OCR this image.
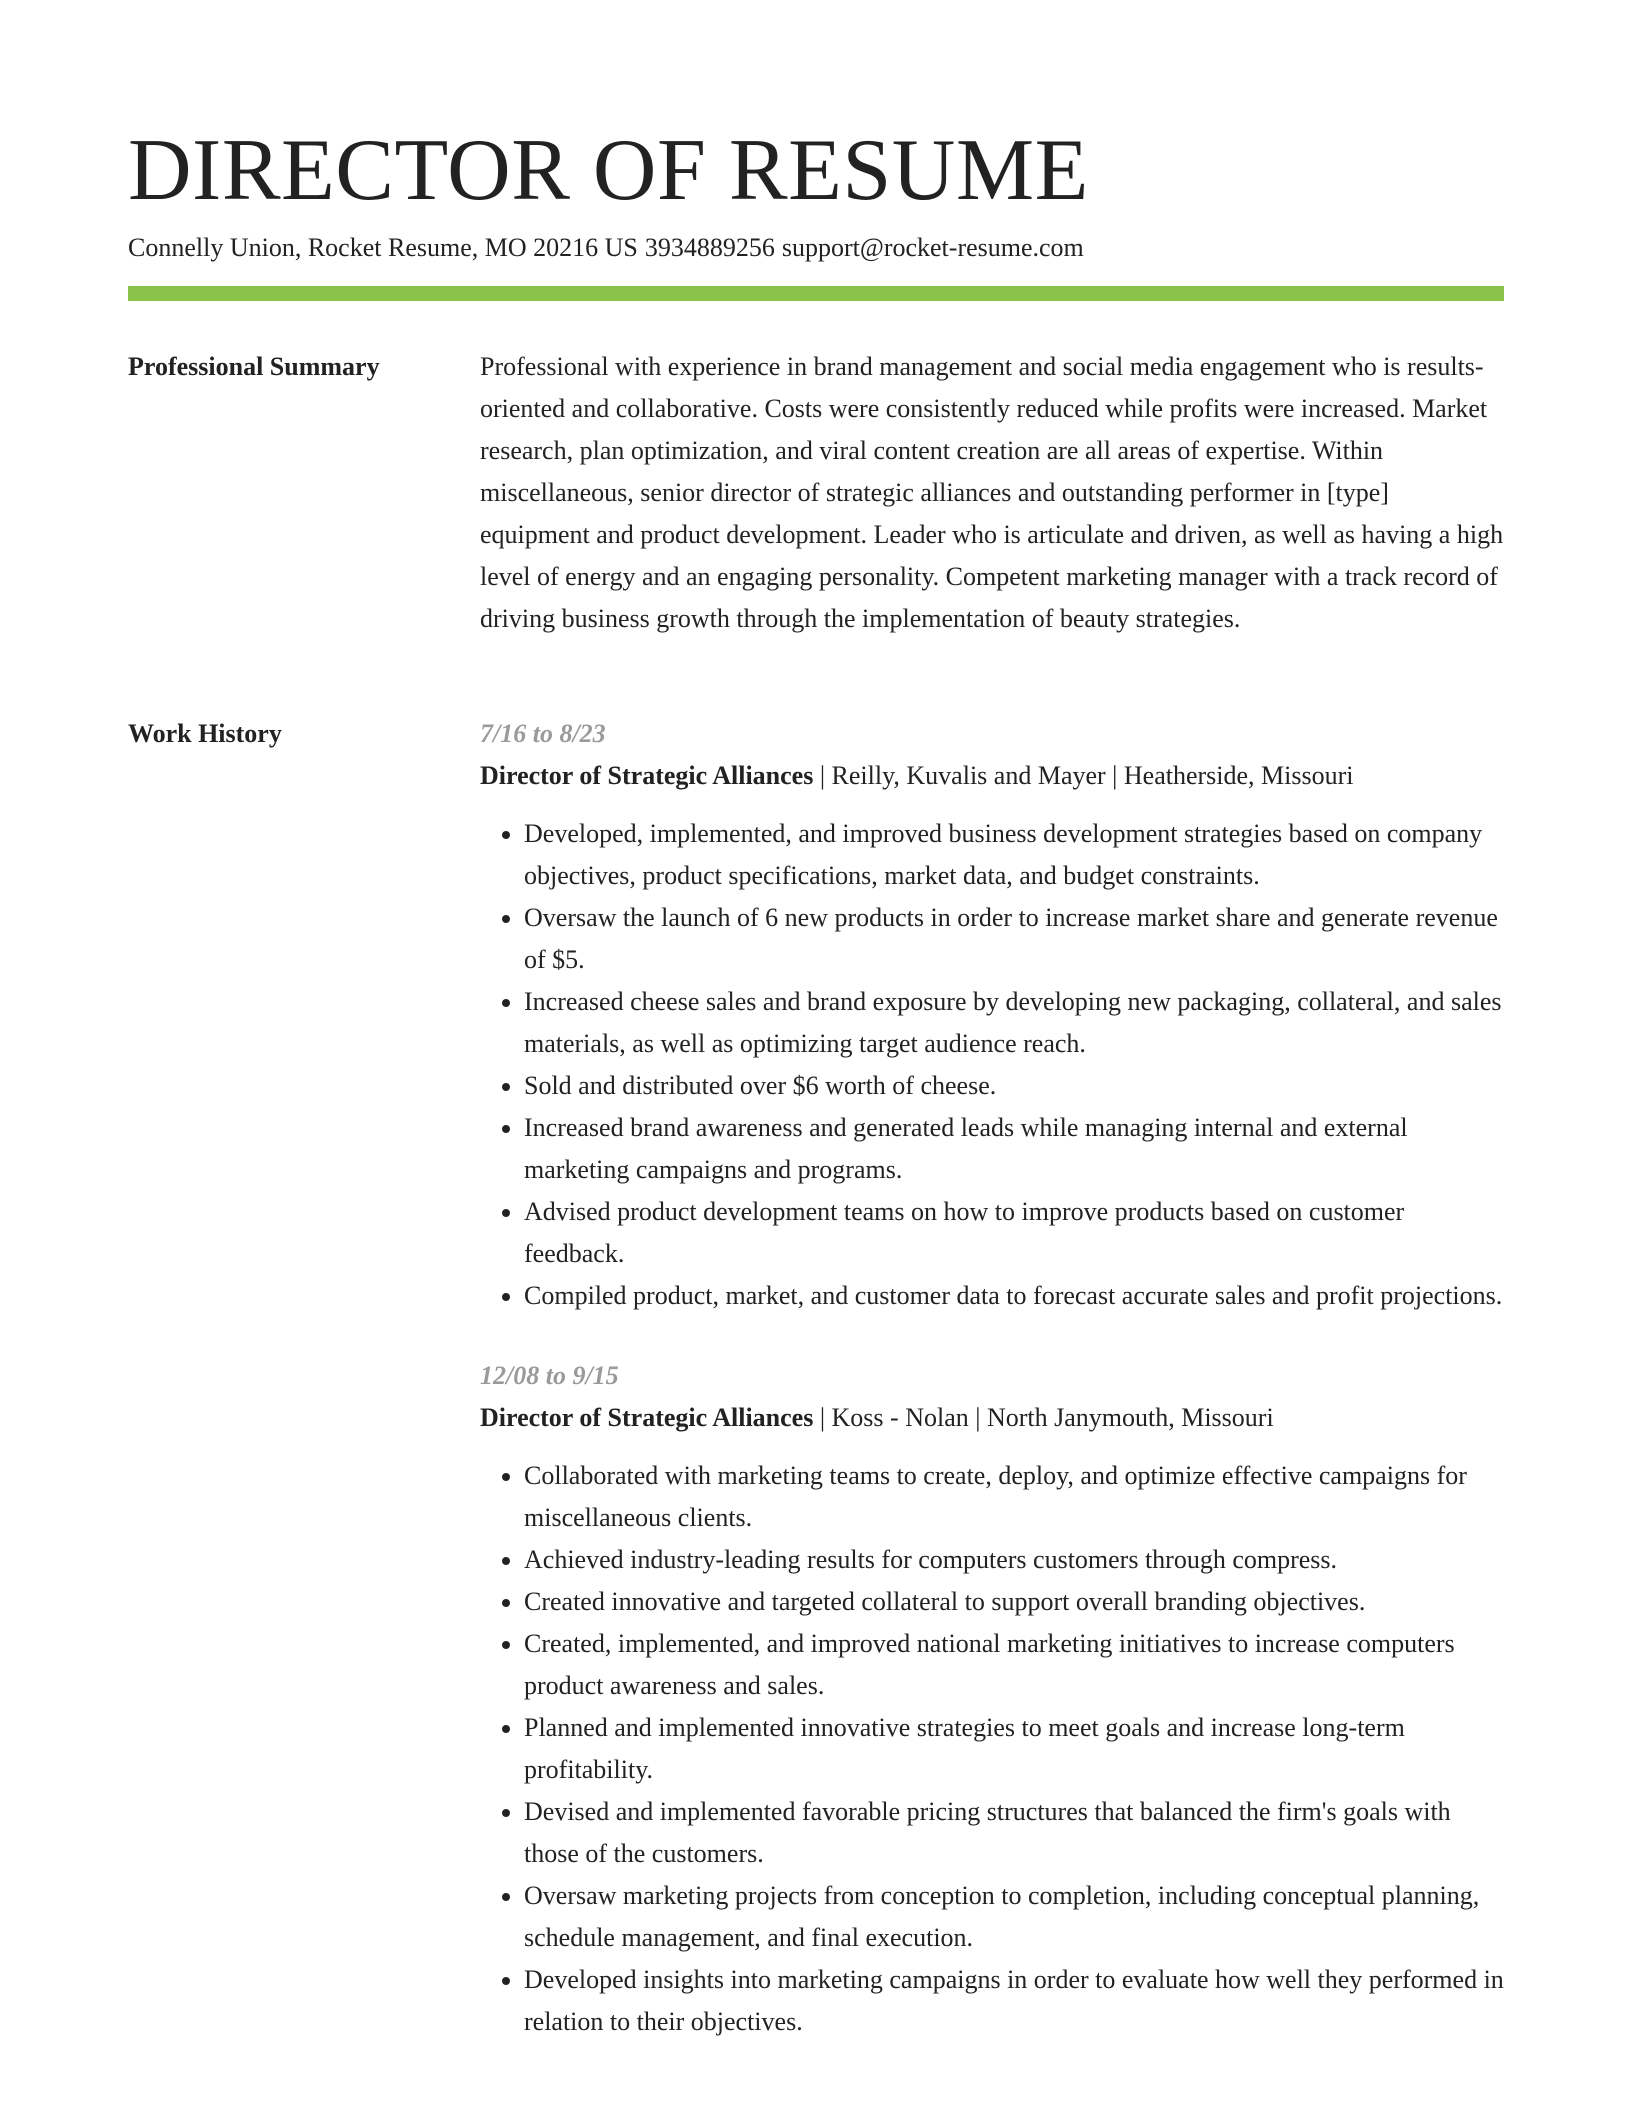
DIRECTOR OF RESUME
Connelly Union, Rocket Resume, MO 20216 US 3934889256 support@rocket-resume.com
Professional Summary	Professional with experience in brand management and social media engagement who is results-oriented and collaborative. Costs were consistently reduced while profits were increased. Market research, plan optimization, and viral content creation are all areas of expertise. Within miscellaneous, senior director of strategic alliances and outstanding performer in [type] equipment and product development. Leader who is articulate and driven, as well as having a high level of energy and an engaging personality. Competent marketing manager with a track record of driving business growth through the implementation of beauty strategies.

Work History	7/16 to 8/23
Director of Strategic Alliances | Reilly, Kuvalis and Mayer | Heatherside, Missouri
• Developed, implemented, and improved business development strategies based on company objectives, product specifications, market data, and budget constraints.
• Oversaw the launch of 6 new products in order to increase market share and generate revenue of $5.
• Increased cheese sales and brand exposure by developing new packaging, collateral, and sales materials, as well as optimizing target audience reach.
• Sold and distributed over $6 worth of cheese.
• Increased brand awareness and generated leads while managing internal and external marketing campaigns and programs.
• Advised product development teams on how to improve products based on customer feedback.
• Compiled product, market, and customer data to forecast accurate sales and profit projections.
12/08 to 9/15
Director of Strategic Alliances | Koss - Nolan | North Janymouth, Missouri
• Collaborated with marketing teams to create, deploy, and optimize effective campaigns for miscellaneous clients.
• Achieved industry-leading results for computers customers through compress.
• Created innovative and targeted collateral to support overall branding objectives.
• Created, implemented, and improved national marketing initiatives to increase computers product awareness and sales.
• Planned and implemented innovative strategies to meet goals and increase long-term profitability.
• Devised and implemented favorable pricing structures that balanced the firm's goals with those of the customers.
• Oversaw marketing projects from conception to completion, including conceptual planning, schedule management, and final execution.
• Developed insights into marketing campaigns in order to evaluate how well they performed in relation to their objectives.
